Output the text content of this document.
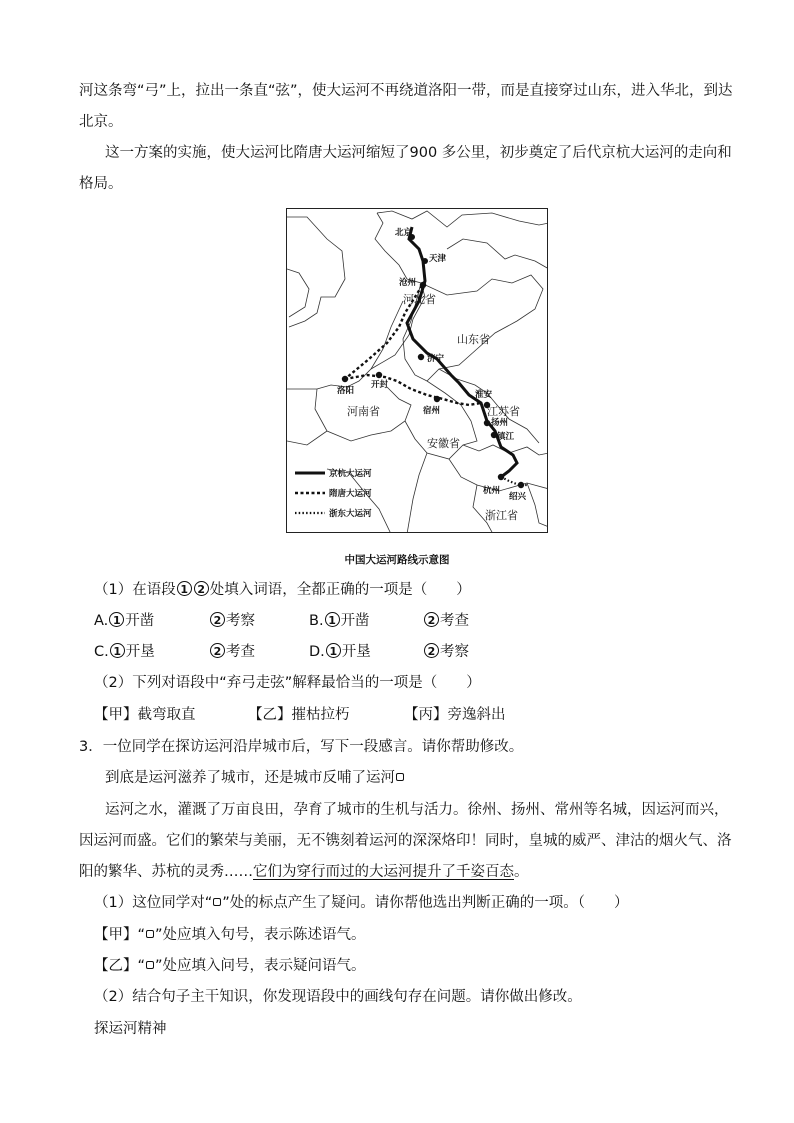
河这条弯“弓”上，拉出一条直“弦”，使大运河不再绕道洛阳一带，而是直接穿过山东，进入华北，到达
北京。
这一方案的实施，使大运河比隋唐大运河缩短了900 多公里，初步奠定了后代京杭大运河的走向和
格局。
北京
天津
沧州
济宁
洛阳
开封
宿州
淮安
扬州
镇江
杭州
绍兴
河北省
山东省
河南省
安徽省
江苏省
浙江省
京杭大运河
隋唐大运河
浙东大运河
中国大运河路线示意图
（1）在语段 1 2 处填入词语，全都正确的一项是（　　）
A. 1 开凿	2 考察	B. 1 开凿	2 考查
C. 1 开垦	2 考查	D. 1 开垦	2 考察
（2）下列对语段中“弃弓走弦”解释最恰当的一项是（　　）
【甲】截弯取直	【乙】摧枯拉朽	【丙】旁逸斜出
3．一位同学在探访运河沿岸城市后，写下一段感言。请你帮助修改。
到底是运河滋养了城市，还是城市反哺了运河
运河之水，灌溉了万亩良田，孕育了城市的生机与活力。徐州、扬州、常州等名城，因运河而兴，
因运河而盛。它们的繁荣与美丽，无不镌刻着运河的深深烙印！同时，皇城的威严、津沽的烟火气、洛
阳的繁华、苏杭的灵秀……它们为穿行而过的大运河提升了千姿百态。
（1）这位同学对“ ”处的标点产生了疑问。请你帮他选出判断正确的一项。（　　）
【甲】“ ”处应填入句号，表示陈述语气。
【乙】“ ”处应填入问号，表示疑问语气。
（2）结合句子主干知识，你发现语段中的画线句存在问题。请你做出修改。
探运河精神
